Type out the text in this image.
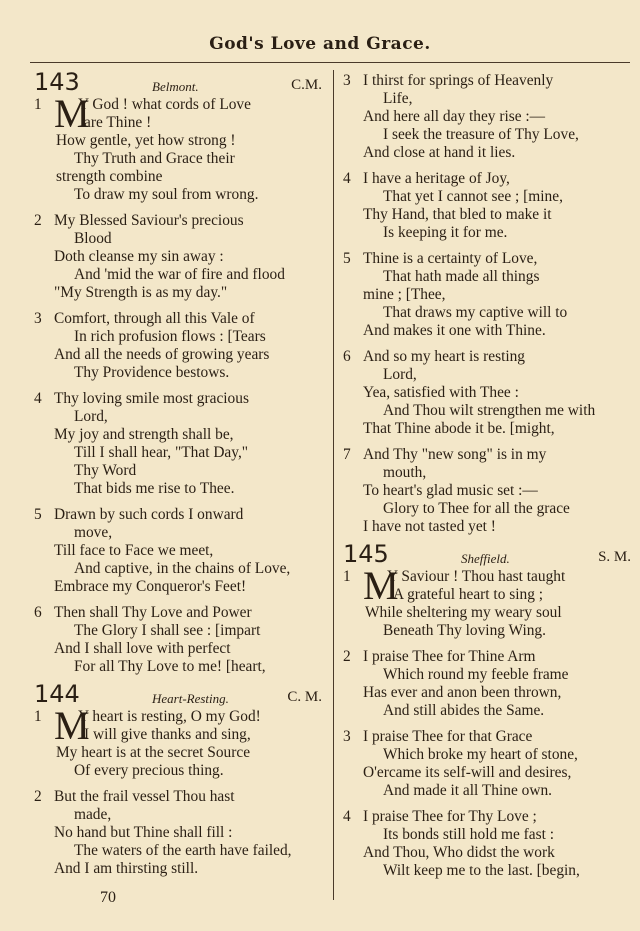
God's Love and Grace.
143	Belmont.	C.M.
1 M
Y God ! what cords of Love
are Thine !
How gentle, yet how strong !
Thy Truth and Grace their
strength combine
To draw my soul from wrong.
2 My Blessed Saviour's precious
Blood
Doth cleanse my sin away :
And 'mid the war of fire and flood
"My Strength is as my day."
3 Comfort, through all this Vale of
In rich profusion flows : [Tears
And all the needs of growing years
Thy Providence bestows.
4 Thy loving smile most gracious
Lord,
My joy and strength shall be,
Till I shall hear, "That Day,"
Thy Word
That bids me rise to Thee.
5 Drawn by such cords I onward
move,
Till face to Face we meet,
And captive, in the chains of Love,
Embrace my Conqueror's Feet!
6 Then shall Thy Love and Power
The Glory I shall see : [impart
And I shall love with perfect
For all Thy Love to me! [heart,
144	Heart-Resting.	C. M.
1 M
Y heart is resting, O my God!
I will give thanks and sing,
My heart is at the secret Source
Of every precious thing.
2 But the frail vessel Thou hast
made,
No hand but Thine shall fill :
The waters of the earth have failed,
And I am thirsting still.
3 I thirst for springs of Heavenly
Life,
And here all day they rise :—
I seek the treasure of Thy Love,
And close at hand it lies.
4 I have a heritage of Joy,
That yet I cannot see ; [mine,
Thy Hand, that bled to make it
Is keeping it for me.
5 Thine is a certainty of Love,
That hath made all things
mine ; [Thee,
That draws my captive will to
And makes it one with Thine.
6 And so my heart is resting
Lord,
Yea, satisfied with Thee :
And Thou wilt strengthen me with
That Thine abode it be. [might,
7 And Thy "new song" is in my
mouth,
To heart's glad music set :—
Glory to Thee for all the grace
I have not tasted yet !
145	Sheffield.	S. M.
1 M
Y Saviour ! Thou hast taught
A grateful heart to sing ;
While sheltering my weary soul
Beneath Thy loving Wing.
2 I praise Thee for Thine Arm
Which round my feeble frame
Has ever and anon been thrown,
And still abides the Same.
3 I praise Thee for that Grace
Which broke my heart of stone,
O'ercame its self-will and desires,
And made it all Thine own.
4 I praise Thee for Thy Love ;
Its bonds still hold me fast :
And Thou, Who didst the work
Wilt keep me to the last. [begin,
70
